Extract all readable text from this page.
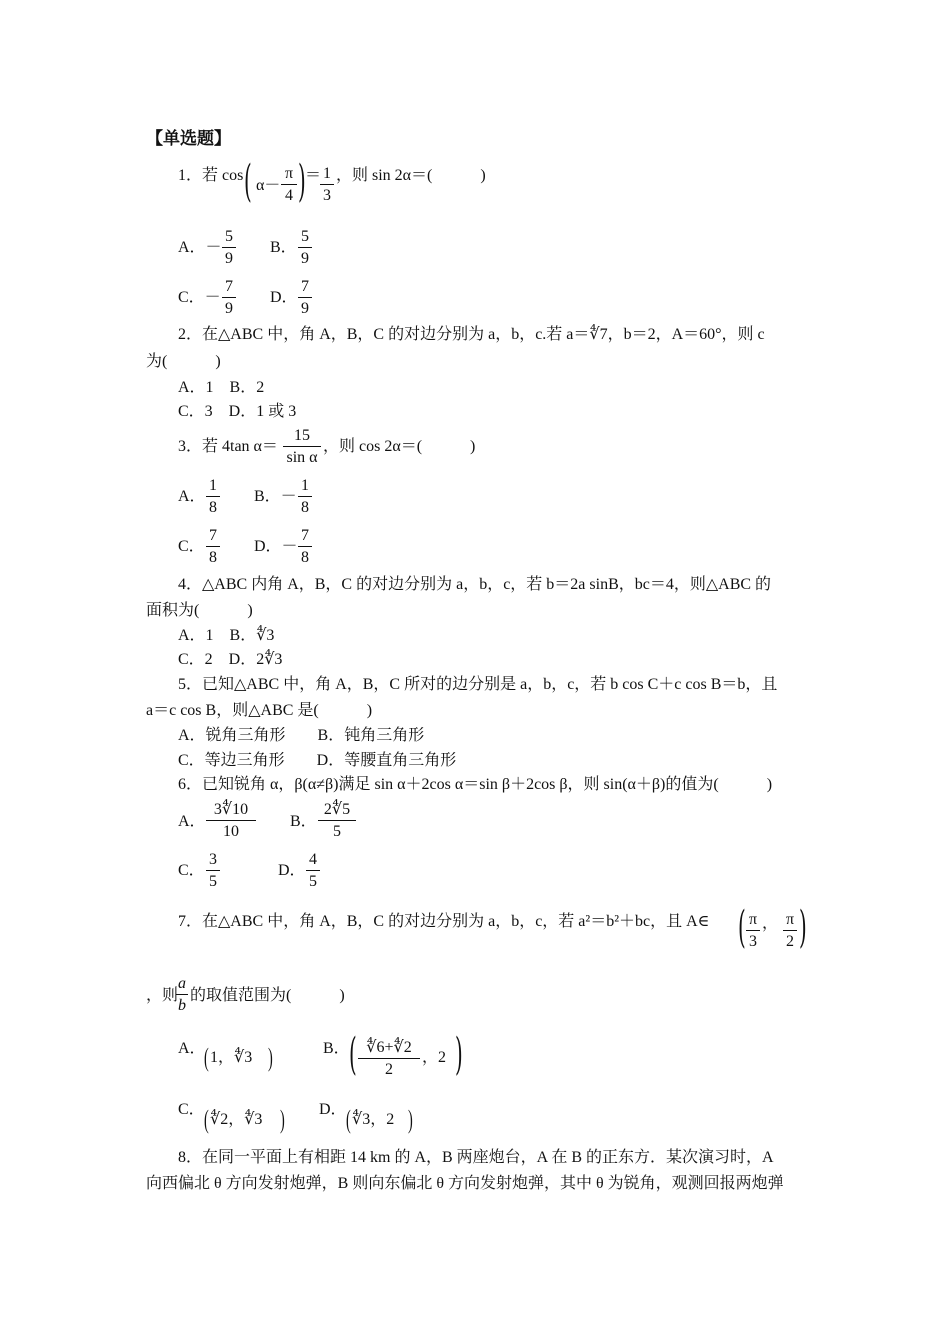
【单选题】
1．若 cos ( α－
π
4 ) ＝ 1
3
，则 sin 2α＝(　　　)
A．－
5
9
B．
5
9
C．－
7
9
D．
7
9
2．在△ABC 中，角 A，B，C 的对边分别为 a，b，c.若 a＝∜7，b＝2，A＝60°，则 c
为(　　　)
A．1　B．2
C．3　D．1 或 3
3．若 4tan α＝
15
sin α
，则 cos 2α＝(　　　)
A．
1
8
B．－
1
8
C．
7
8
D．－
7
8
4．△ABC 内角 A，B，C 的对边分别为 a，b，c，若 b＝2a sinB，bc＝4，则△ABC 的
面积为(　　　)
A．1　B．∜3
C．2　D．2∜3
5．已知△ABC 中，角 A，B，C 所对的边分别是 a，b，c，若 b cos C＋c cos B＝b，且
a＝c cos B，则△ABC 是(　　　)
A．锐角三角形　　B．钝角三角形
C．等边三角形　　D．等腰直角三角形
6．已知锐角 α，β(α≠β)满足 sin α＋2cos α＝sin β＋2cos β，则 sin(α＋β)的值为(　　　)
A．
3∜10
10
B．
2∜5
5
C．
3
5
D．
4
5
7．在△ABC 中，角 A，B，C 的对边分别为 a，b，c，若 a²＝b²＋bc，且 A∈ ( π
3
， π
2 )
，则
a
b
的取值范围为(　　　)
A．
( 1，∜3 )	B． ( ∜6+∜2
2
，2 )
C． ( ∜2，∜3 ) D． ( ∜3，2 )
8．在同一平面上有相距 14 km 的 A，B 两座炮台，A 在 B 的正东方．某次演习时，A
向西偏北 θ 方向发射炮弹，B 则向东偏北 θ 方向发射炮弹，其中 θ 为锐角，观测回报两炮弹
